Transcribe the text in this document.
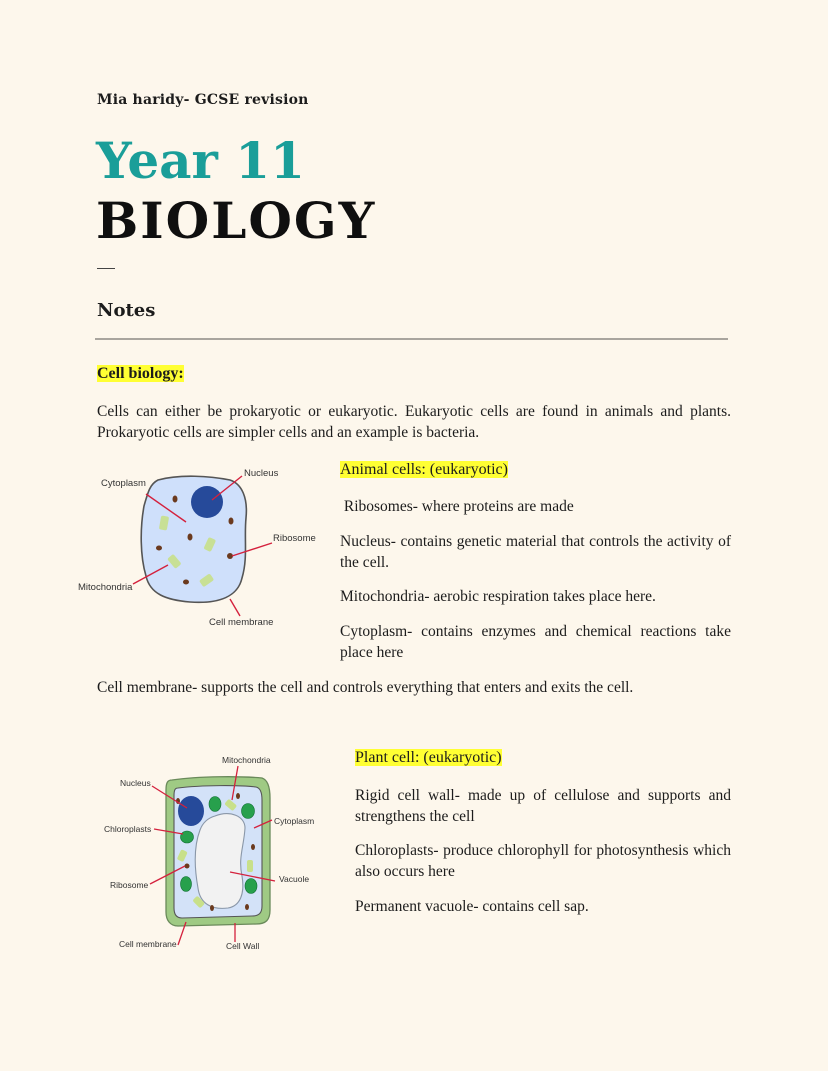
Mia haridy- GCSE revision
Year 11
BIOLOGY
Notes
Cell biology:
Cells can either be prokaryotic or eukaryotic. Eukaryotic cells are found in animals and plants. Prokaryotic cells are simpler cells and an example is bacteria.
Nucleus
Cytoplasm
Ribosome
Mitochondria
Cell membrane
Animal cells: (eukaryotic)
Ribosomes- where proteins are made
Nucleus- contains genetic material that controls the activity of the cell.
Mitochondria- aerobic respiration takes place here.
Cytoplasm- contains enzymes and chemical reactions take place here
Cell membrane- supports the cell and controls everything that enters and exits the cell.
Mitochondria
Nucleus
Chloroplasts
Cytoplasm
Ribosome
Vacuole
Cell membrane	Cell Wall
Plant cell: (eukaryotic)
Rigid cell wall- made up of cellulose and supports and strengthens the cell
Chloroplasts- produce chlorophyll for photosynthesis which also occurs here
Permanent vacuole- contains cell sap.
